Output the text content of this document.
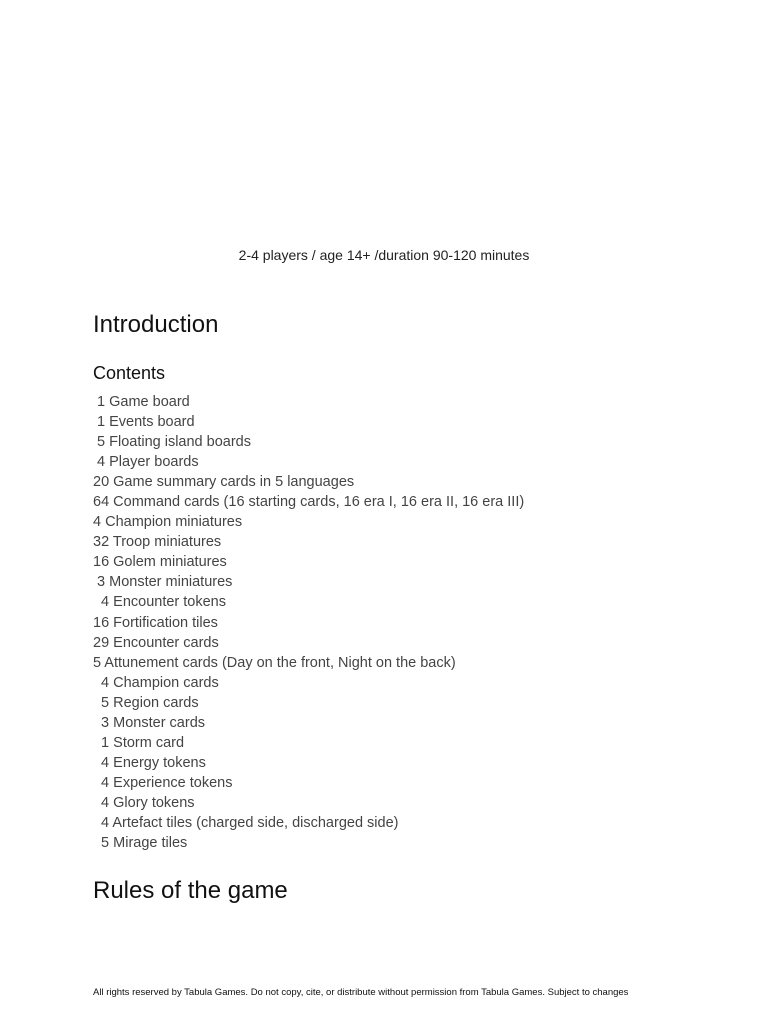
2-4 players / age 14+ /duration 90-120 minutes
Introduction
Contents
1 Game board
1 Events board
5 Floating island boards
4 Player boards
20 Game summary cards in 5 languages
64 Command cards (16 starting cards, 16 era I, 16 era II, 16 era III)
4 Champion miniatures
32 Troop miniatures
16 Golem miniatures
3 Monster miniatures
4 Encounter tokens
16 Fortification tiles
29 Encounter cards
5 Attunement cards (Day on the front, Night on the back)
4 Champion cards
5 Region cards
3 Monster cards
1 Storm card
4 Energy tokens
4 Experience tokens
4 Glory tokens
4 Artefact tiles (charged side, discharged side)
5 Mirage tiles
Rules of the game
All rights reserved by Tabula Games. Do not copy, cite, or distribute without permission from Tabula Games. Subject to changes
